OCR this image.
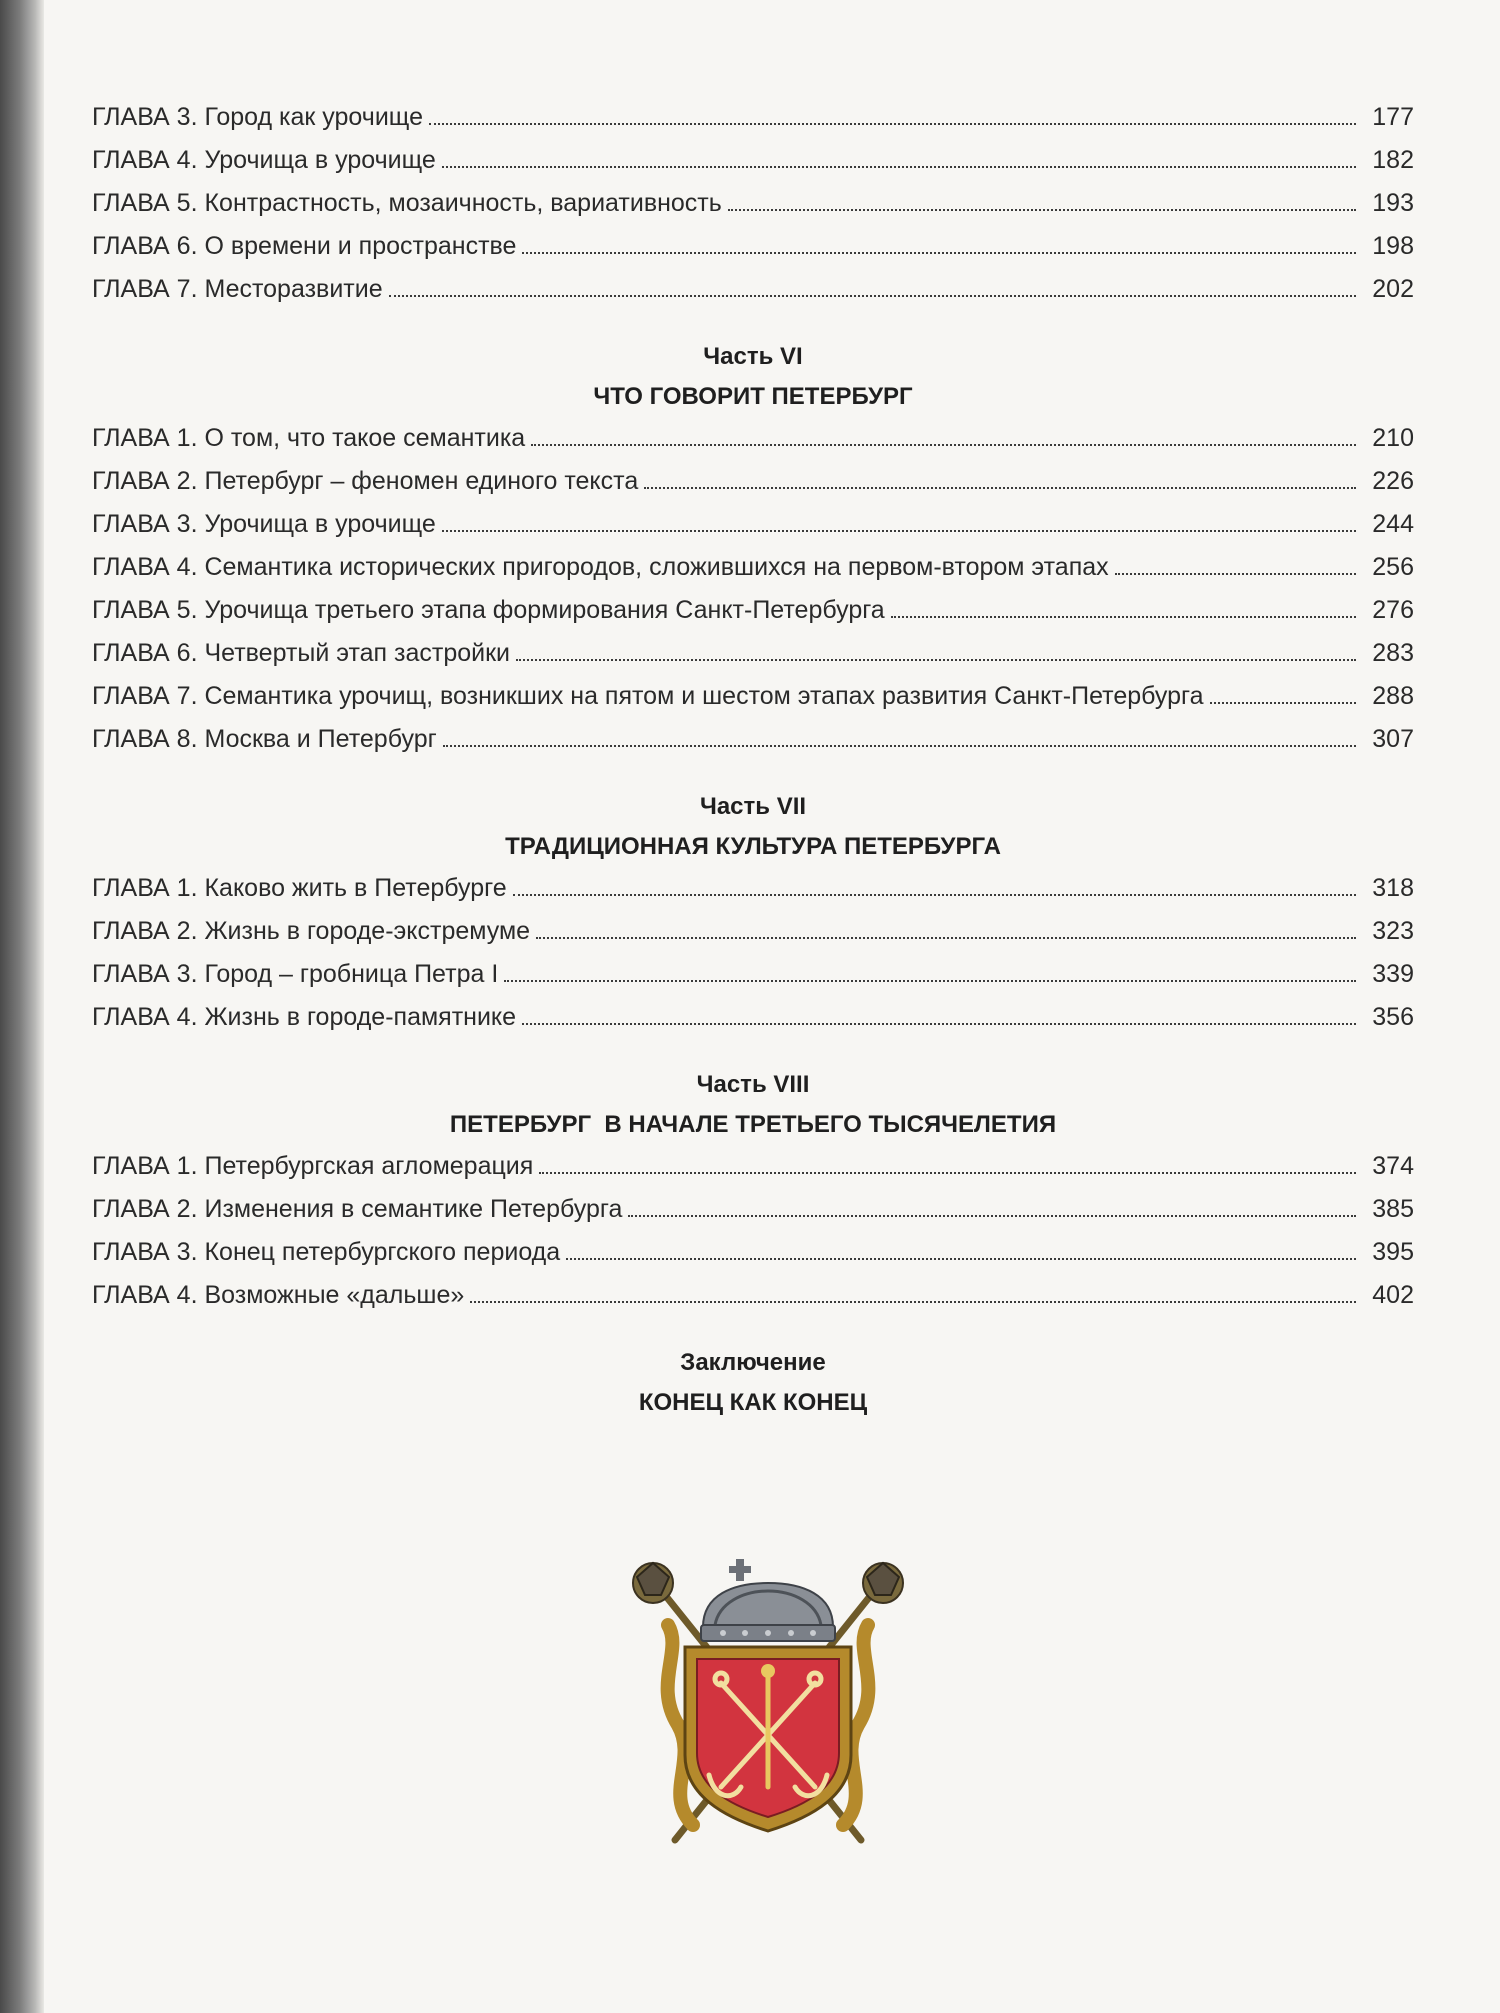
ГЛАВА 3. Город как урочище	177
ГЛАВА 4. Урочища в урочище	182
ГЛАВА 5. Контрастность, мозаичность, вариативность	193
ГЛАВА 6. О времени и пространстве	198
ГЛАВА 7. Месторазвитие	202
Часть VI
ЧТО ГОВОРИТ ПЕТЕРБУРГ
ГЛАВА 1. О том, что такое семантика	210
ГЛАВА 2. Петербург – феномен единого текста	226
ГЛАВА 3. Урочища в урочище	244
ГЛАВА 4. Семантика исторических пригородов, сложившихся на первом-втором этапах	256
ГЛАВА 5. Урочища третьего этапа формирования Санкт-Петербурга	276
ГЛАВА 6. Четвертый этап застройки	283
ГЛАВА 7. Семантика урочищ, возникших на пятом и шестом этапах развития Санкт-Петербурга	288
ГЛАВА 8. Москва и Петербург	307
Часть VII
ТРАДИЦИОННАЯ КУЛЬТУРА ПЕТЕРБУРГА
ГЛАВА 1. Каково жить в Петербурге	318
ГЛАВА 2. Жизнь в городе-экстремуме	323
ГЛАВА 3. Город – гробница Петра I	339
ГЛАВА 4. Жизнь в городе-памятнике	356
Часть VIII
ПЕТЕРБУРГ  В НАЧАЛЕ ТРЕТЬЕГО ТЫСЯЧЕЛЕТИЯ
ГЛАВА 1. Петербургская агломерация	374
ГЛАВА 2. Изменения в семантике Петербурга	385
ГЛАВА 3. Конец петербургского периода	395
ГЛАВА 4. Возможные «дальше»	402
Заключение
КОНЕЦ КАК КОНЕЦ
